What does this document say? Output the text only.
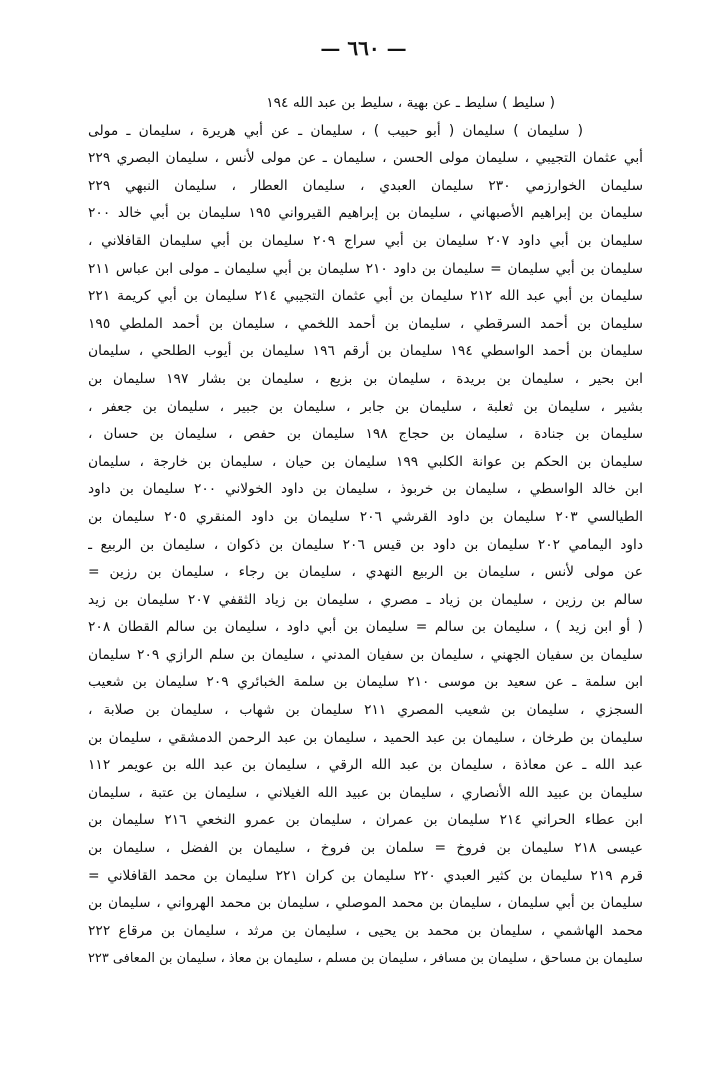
— ٦٦٠ —
( سليط ) سليط ـ عن بهية ، سليط بن عبد الله ١٩٤
( سليمان ) سليمان ( أبو حبيب ) ، سليمان ـ عن أبي هريرة ، سليمان ـ مولى
أبي عثمان التجيبي ، سليمان مولى الحسن ، سليمان ـ عن مولى لأنس ، سليمان البصري ٢٢٩
سليمان الخوارزمي ٢٣٠ سليمان العبدي ، سليمان العطار ، سليمان النبهي ٢٢٩
سليمان بن إبراهيم الأصبهاني ، سليمان بن إبراهيم القيرواني ١٩٥ سليمان بن أبي خالد ٢٠٠
سليمان بن أبي داود ٢٠٧ سليمان بن أبي سراج ٢٠٩ سليمان بن أبي سليمان القافلاني ،
سليمان بن أبي سليمان = سليمان بن داود ٢١٠ سليمان بن أبي سليمان ـ مولى ابن عباس ٢١١
سليمان بن أبي عبد الله ٢١٢ سليمان بن أبي عثمان التجيبي ٢١٤ سليمان بن أبي كريمة ٢٢١
سليمان بن أحمد السرقطي ، سليمان بن أحمد اللخمي ، سليمان بن أحمد الملطي ١٩٥
سليمان بن أحمد الواسطي ١٩٤ سليمان بن أرقم ١٩٦ سليمان بن أيوب الطلحي ، سليمان
ابن بحير ، سليمان بن بريدة ، سليمان بن بزيع ، سليمان بن بشار ١٩٧ سليمان بن
بشير ، سليمان بن ثعلبة ، سليمان بن جابر ، سليمان بن جبير ، سليمان بن جعفر ،
سليمان بن جنادة ، سليمان بن حجاج ١٩٨ سليمان بن حفص ، سليمان بن حسان ،
سليمان بن الحكم بن عوانة الكلبي ١٩٩ سليمان بن حيان ، سليمان بن خارجة ، سليمان
ابن خالد الواسطي ، سليمان بن خربوذ ، سليمان بن داود الخولاني ٢٠٠ سليمان بن داود
الطيالسي ٢٠٣ سليمان بن داود القرشي ٢٠٦ سليمان بن داود المنقري ٢٠٥ سليمان بن
داود اليمامي ٢٠٢ سليمان بن داود بن قيس ٢٠٦ سليمان بن ذكوان ، سليمان بن الربيع ـ
عن مولى لأنس ، سليمان بن الربيع النهدي ، سليمان بن رجاء ، سليمان بن رزين =
سالم بن رزين ، سليمان بن زياد ـ مصري ، سليمان بن زياد الثقفي ٢٠٧ سليمان بن زيد
( أو ابن زيد ) ، سليمان بن سالم = سليمان بن أبي داود ، سليمان بن سالم القطان ٢٠٨
سليمان بن سفيان الجهني ، سليمان بن سفيان المدني ، سليمان بن سلم الرازي ٢٠٩ سليمان
ابن سلمة ـ عن سعيد بن موسى ٢١٠ سليمان بن سلمة الخبائري ٢٠٩ سليمان بن شعيب
السجزي ، سليمان بن شعيب المصري ٢١١ سليمان بن شهاب ، سليمان بن صلابة ،
سليمان بن طرخان ، سليمان بن عبد الحميد ، سليمان بن عبد الرحمن الدمشقي ، سليمان بن
عبد الله ـ عن معاذة ، سليمان بن عبد الله الرقي ، سليمان بن عبد الله بن عويمر ١١٢
سليمان بن عبيد الله الأنصاري ، سليمان بن عبيد الله الغيلاني ، سليمان بن عتبة ، سليمان
ابن عطاء الحراني ٢١٤ سليمان بن عمران ، سليمان بن عمرو النخعي ٢١٦ سليمان بن
عيسى ٢١٨ سليمان بن فروخ = سلمان بن فروخ ، سليمان بن الفضل ، سليمان بن
قرم ٢١٩ سليمان بن كثير العبدي ٢٢٠ سليمان بن كران ٢٢١ سليمان بن محمد القافلاني =
سليمان بن أبي سليمان ، سليمان بن محمد الموصلي ، سليمان بن محمد الهرواني ، سليمان بن
محمد الهاشمي ، سليمان بن محمد بن يحيى ، سليمان بن مرثد ، سليمان بن مرقاع ٢٢٢
سليمان بن مساحق ، سليمان بن مسافر ، سليمان بن مسلم ، سليمان بن معاذ ، سليمان بن المعافى ٢٢٣
